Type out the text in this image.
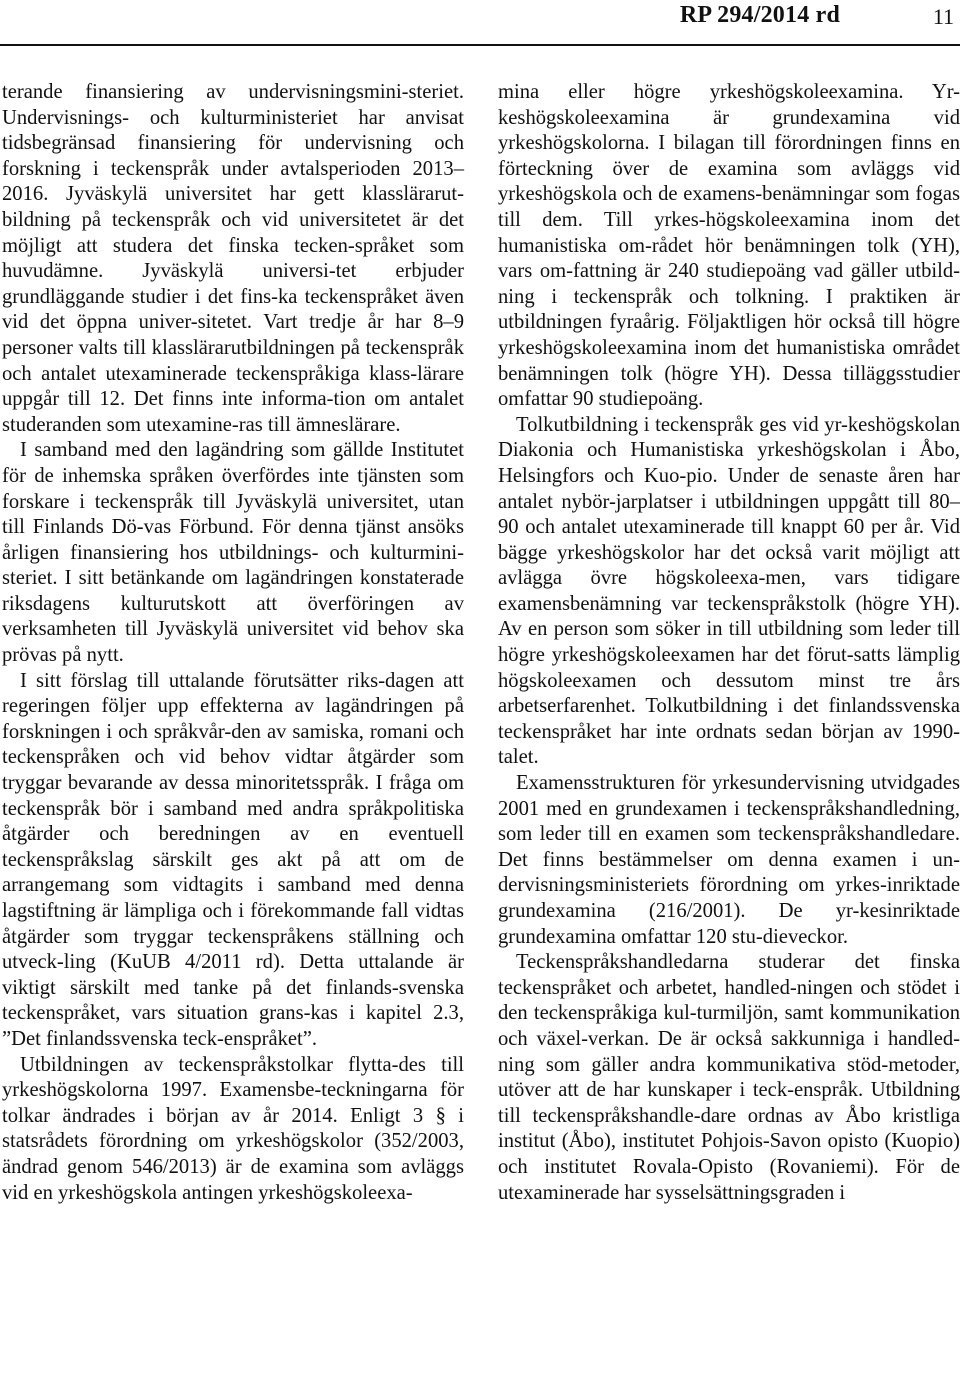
RP 294/2014 rd	11

terande finansiering av undervisningsmini-steriet. Undervisnings- och kulturministeriet har anvisat tidsbegränsad finansiering för undervisning och forskning i teckenspråk under avtalsperioden 2013–2016. Jyväskylä universitet har gett klasslärarut-bildning på teckenspråk och vid universitetet är det möjligt att studera det finska tecken-språket som huvudämne. Jyväskylä universi-tet erbjuder grundläggande studier i det fins-ka teckenspråket även vid det öppna univer-sitetet. Vart tredje år har 8–9 personer valts till klasslärarutbildningen på teckenspråk och antalet utexaminerade teckenspråkiga klass-lärare uppgår till 12. Det finns inte informa-tion om antalet studeranden som utexamine-ras till ämneslärare.

I samband med den lagändring som gällde Institutet för de inhemska språken överfördes inte tjänsten som forskare i teckenspråk till Jyväskylä universitet, utan till Finlands Dö-vas Förbund. För denna tjänst ansöks årligen finansiering hos utbildnings- och kulturmini-steriet. I sitt betänkande om lagändringen konstaterade riksdagens kulturutskott att överföringen av verksamheten till Jyväskylä universitet vid behov ska prövas på nytt.

I sitt förslag till uttalande förutsätter riks-dagen att regeringen följer upp effekterna av lagändringen på forskningen i och språkvår-den av samiska, romani och teckenspråken och vid behov vidtar åtgärder som tryggar bevarande av dessa minoritetsspråk. I fråga om teckenspråk bör i samband med andra språkpolitiska åtgärder och beredningen av en eventuell teckenspråkslag särskilt ges akt på att om de arrangemang som vidtagits i samband med denna lagstiftning är lämpliga och i förekommande fall vidtas åtgärder som tryggar teckenspråkens ställning och utveck-ling (KuUB 4/2011 rd). Detta uttalande är viktigt särskilt med tanke på det finlands-svenska teckenspråket, vars situation grans-kas i kapitel 2.3, ”Det finlandssvenska teck-enspråket”.

Utbildningen av teckenspråkstolkar flytta-des till yrkeshögskolorna 1997. Examensbe-teckningarna för tolkar ändrades i början av år 2014. Enligt 3 § i statsrådets förordning om yrkeshögskolor (352/2003, ändrad genom 546/2013) är de examina som avläggs vid en yrkeshögskola antingen yrkeshögskoleexa-

mina eller högre yrkeshögskoleexamina. Yr-keshögskoleexamina är grundexamina vid yrkeshögskolorna. I bilagan till förordningen finns en förteckning över de examina som avläggs vid yrkeshögskola och de examens-benämningar som fogas till dem. Till yrkes-högskoleexamina inom det humanistiska om-rådet hör benämningen tolk (YH), vars om-fattning är 240 studiepoäng vad gäller utbild-ning i teckenspråk och tolkning. I praktiken är utbildningen fyraårig. Följaktligen hör också till högre yrkeshögskoleexamina inom det humanistiska området benämningen tolk (högre YH). Dessa tilläggsstudier omfattar 90 studiepoäng.

Tolkutbildning i teckenspråk ges vid yr-keshögskolan Diakonia och Humanistiska yrkeshögskolan i Åbo, Helsingfors och Kuo-pio. Under de senaste åren har antalet nybör-jarplatser i utbildningen uppgått till 80–90 och antalet utexaminerade till knappt 60 per år. Vid bägge yrkeshögskolor har det också varit möjligt att avlägga övre högskoleexa-men, vars tidigare examensbenämning var teckenspråkstolk (högre YH). Av en person som söker in till utbildning som leder till högre yrkeshögskoleexamen har det förut-satts lämplig högskoleexamen och dessutom minst tre års arbetserfarenhet. Tolkutbildning i det finlandssvenska teckenspråket har inte ordnats sedan början av 1990-talet.

Examensstrukturen för yrkesundervisning utvidgades 2001 med en grundexamen i teckenspråkshandledning, som leder till en examen som teckenspråkshandledare. Det finns bestämmelser om denna examen i un-dervisningsministeriets förordning om yrkes-inriktade grundexamina (216/2001). De yr-kesinriktade grundexamina omfattar 120 stu-dieveckor.

Teckenspråkshandledarna studerar det finska teckenspråket och arbetet, handled-ningen och stödet i den teckenspråkiga kul-turmiljön, samt kommunikation och växel-verkan. De är också sakkunniga i handled-ning som gäller andra kommunikativa stöd-metoder, utöver att de har kunskaper i teck-enspråk. Utbildning till teckenspråkshandle-dare ordnas av Åbo kristliga institut (Åbo), institutet Pohjois-Savon opisto (Kuopio) och institutet Rovala-Opisto (Rovaniemi). För de utexaminerade har sysselsättningsgraden i
